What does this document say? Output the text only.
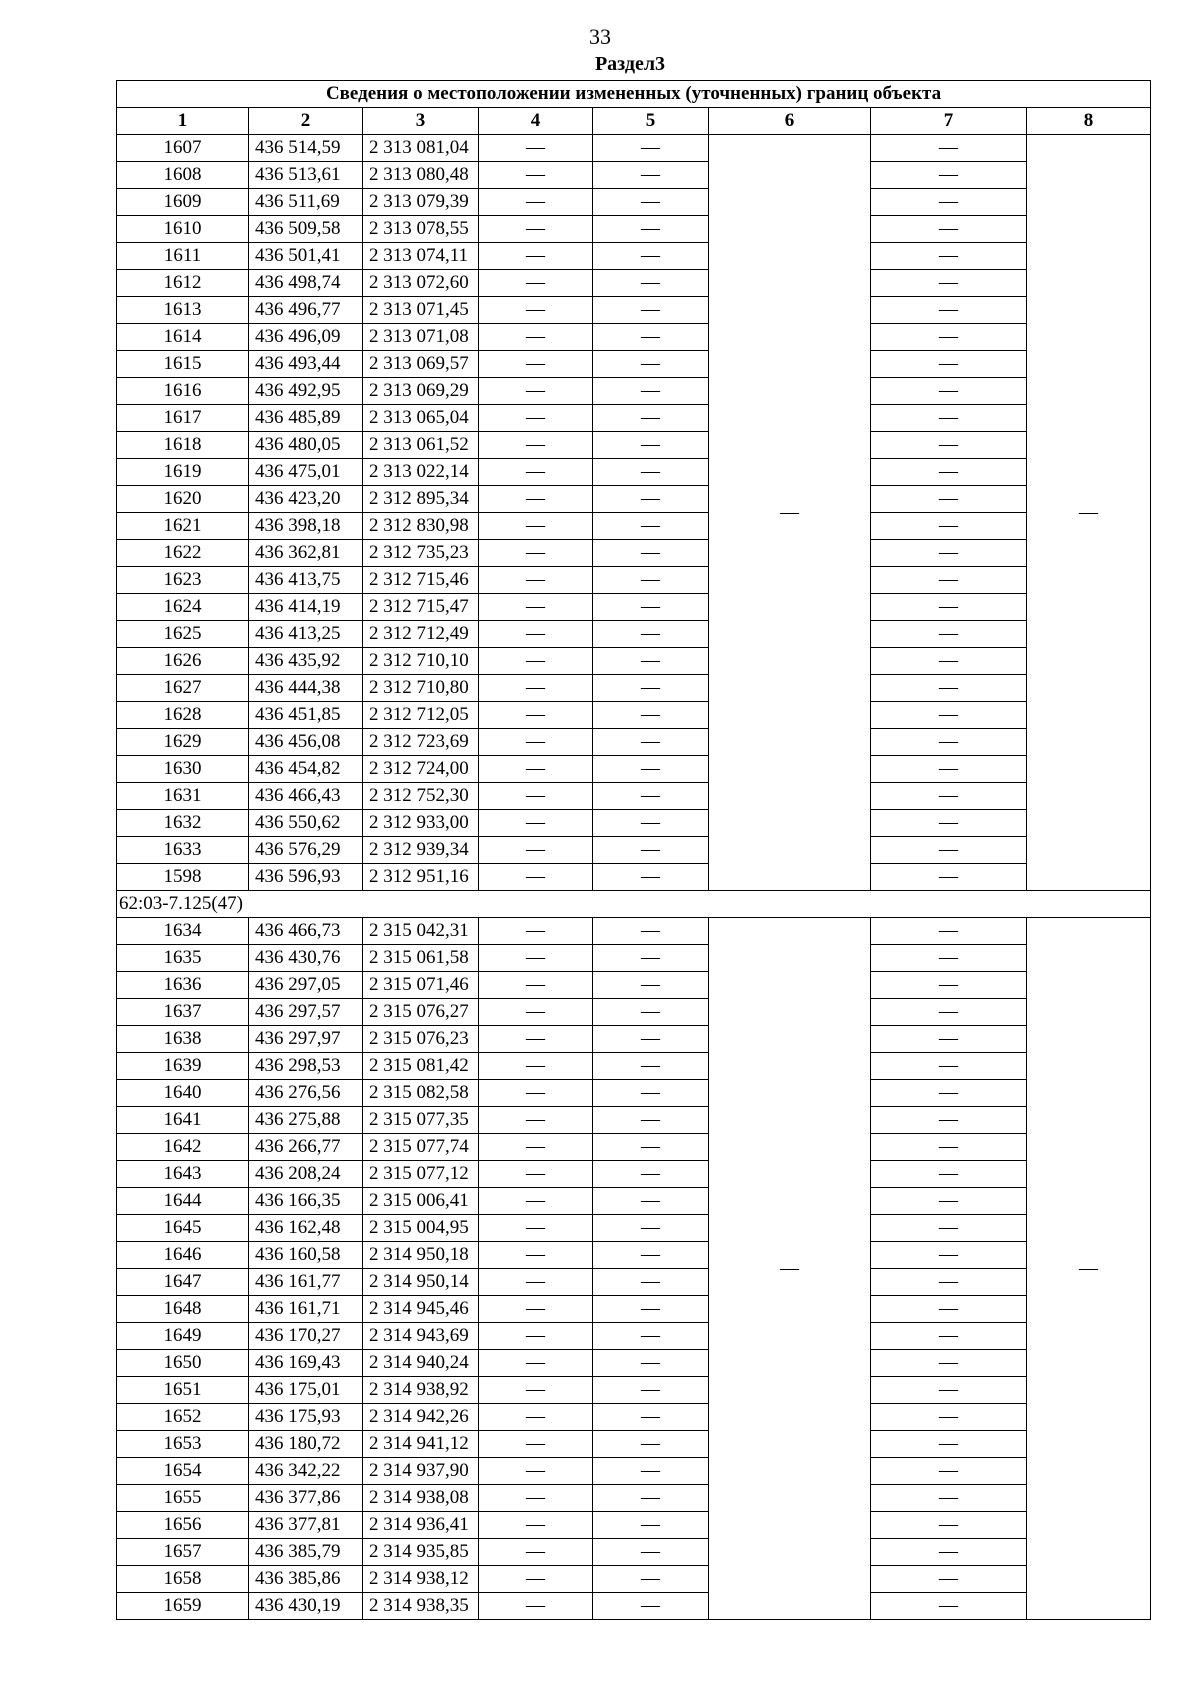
33
Раздел3
Сведения о местоположении измененных (уточненных) границ объекта							
1	2	3	4	5	6	7	8
1607	436 514,59	2 313 081,04	—	—	—	—	—
1608	436 513,61	2 313 080,48	—	—		—	
1609	436 511,69	2 313 079,39	—	—		—	
1610	436 509,58	2 313 078,55	—	—		—	
1611	436 501,41	2 313 074,11	—	—		—	
1612	436 498,74	2 313 072,60	—	—		—	
1613	436 496,77	2 313 071,45	—	—		—	
1614	436 496,09	2 313 071,08	—	—		—	
1615	436 493,44	2 313 069,57	—	—		—	
1616	436 492,95	2 313 069,29	—	—		—	
1617	436 485,89	2 313 065,04	—	—		—	
1618	436 480,05	2 313 061,52	—	—		—	
1619	436 475,01	2 313 022,14	—	—		—	
1620	436 423,20	2 312 895,34	—	—		—	
1621	436 398,18	2 312 830,98	—	—		—	
1622	436 362,81	2 312 735,23	—	—		—	
1623	436 413,75	2 312 715,46	—	—		—	
1624	436 414,19	2 312 715,47	—	—		—	
1625	436 413,25	2 312 712,49	—	—		—	
1626	436 435,92	2 312 710,10	—	—		—	
1627	436 444,38	2 312 710,80	—	—		—	
1628	436 451,85	2 312 712,05	—	—		—	
1629	436 456,08	2 312 723,69	—	—		—	
1630	436 454,82	2 312 724,00	—	—		—	
1631	436 466,43	2 312 752,30	—	—		—	
1632	436 550,62	2 312 933,00	—	—		—	
1633	436 576,29	2 312 939,34	—	—		—	
1598	436 596,93	2 312 951,16	—	—		—	
62:03-7.125(47)							
1634	436 466,73	2 315 042,31	—	—	—	—	—
1635	436 430,76	2 315 061,58	—	—		—	
1636	436 297,05	2 315 071,46	—	—		—	
1637	436 297,57	2 315 076,27	—	—		—	
1638	436 297,97	2 315 076,23	—	—		—	
1639	436 298,53	2 315 081,42	—	—		—	
1640	436 276,56	2 315 082,58	—	—		—	
1641	436 275,88	2 315 077,35	—	—		—	
1642	436 266,77	2 315 077,74	—	—		—	
1643	436 208,24	2 315 077,12	—	—		—	
1644	436 166,35	2 315 006,41	—	—		—	
1645	436 162,48	2 315 004,95	—	—		—	
1646	436 160,58	2 314 950,18	—	—		—	
1647	436 161,77	2 314 950,14	—	—		—	
1648	436 161,71	2 314 945,46	—	—		—	
1649	436 170,27	2 314 943,69	—	—		—	
1650	436 169,43	2 314 940,24	—	—		—	
1651	436 175,01	2 314 938,92	—	—		—	
1652	436 175,93	2 314 942,26	—	—		—	
1653	436 180,72	2 314 941,12	—	—		—	
1654	436 342,22	2 314 937,90	—	—		—	
1655	436 377,86	2 314 938,08	—	—		—	
1656	436 377,81	2 314 936,41	—	—		—	
1657	436 385,79	2 314 935,85	—	—		—	
1658	436 385,86	2 314 938,12	—	—		—	
1659	436 430,19	2 314 938,35	—	—		—	
